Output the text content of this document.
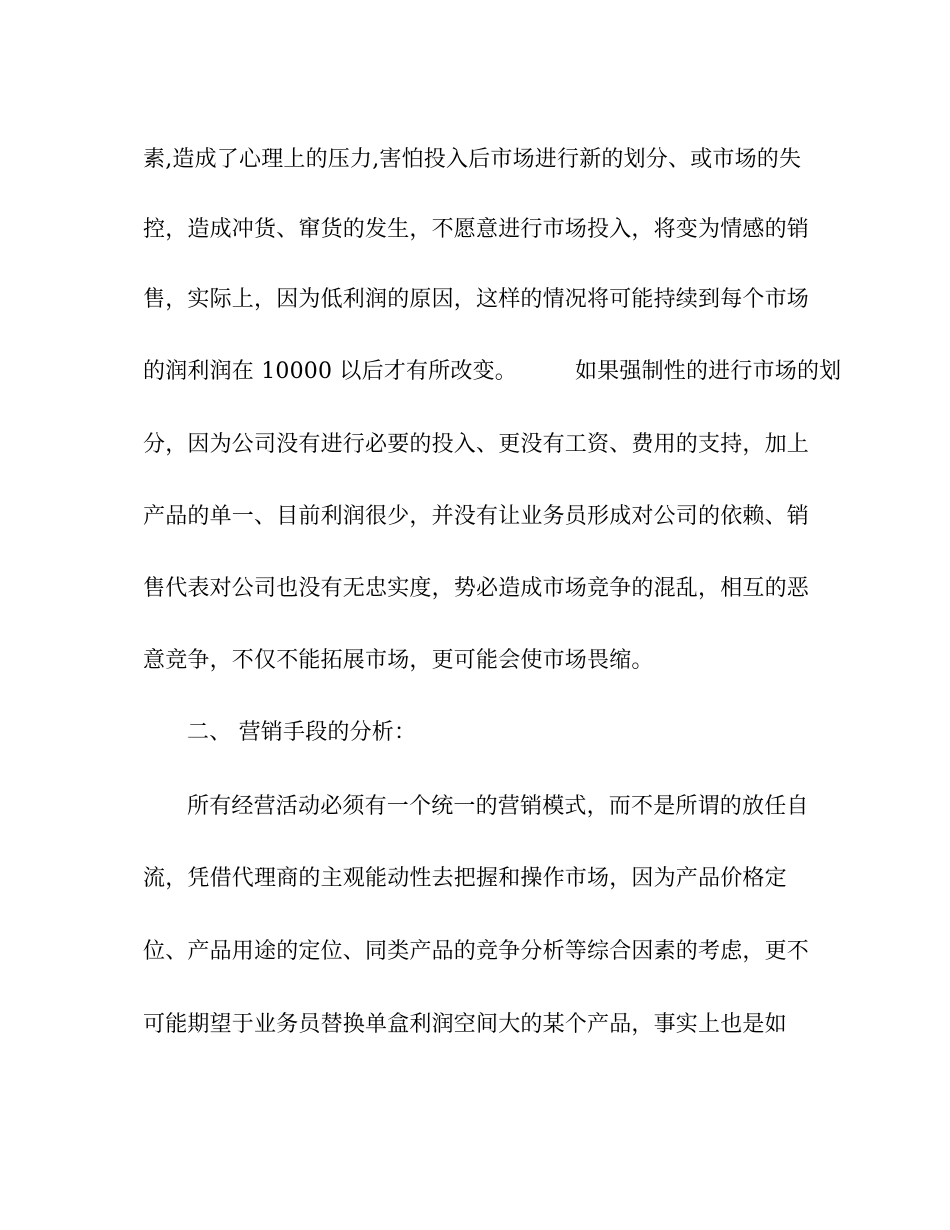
素,造成了心理上的压力,害怕投入后市场进行新的划分、或市场的失
控，造成冲货、窜货的发生，不愿意进行市场投入，将变为情感的销
售，实际上，因为低利润的原因，这样的情况将可能持续到每个市场
的润利润在 10000 以后才有所改变。	如果强制性的进行市场的划
分，因为公司没有进行必要的投入、更没有工资、费用的支持，加上
产品的单一、目前利润很少，并没有让业务员形成对公司的依赖、销
售代表对公司也没有无忠实度，势必造成市场竞争的混乱，相互的恶
意竞争，不仅不能拓展市场，更可能会使市场畏缩。
二、 营销手段的分析：
所有经营活动必须有一个统一的营销模式，而不是所谓的放任自
流，凭借代理商的主观能动性去把握和操作市场，因为产品价格定
位、产品用途的定位、同类产品的竞争分析等综合因素的考虑，更不
可能期望于业务员替换单盒利润空间大的某个产品，事实上也是如
